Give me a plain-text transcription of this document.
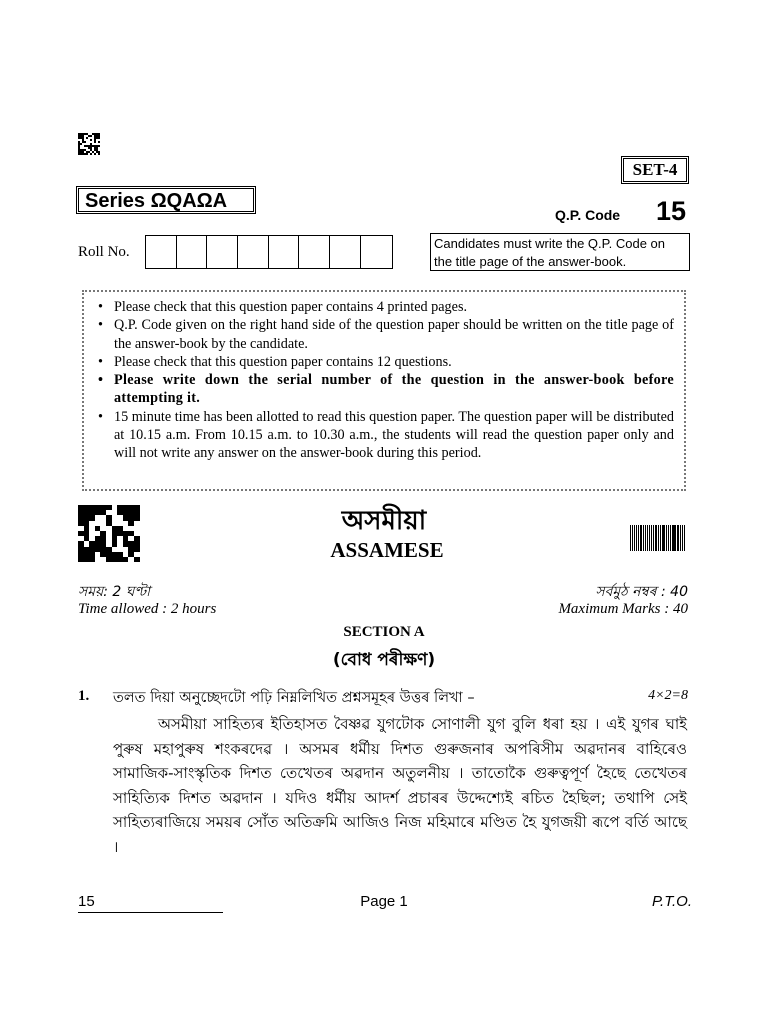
SET-4
Series ΩQAΩA
Q.P. Code 15
Roll No.
Candidates must write the Q.P. Code on the title page of the answer-book.
• Please check that this question paper contains 4 printed pages.
• Q.P. Code given on the right hand side of the question paper should be written on the title page of the answer-book by the candidate.
• Please check that this question paper contains 12 questions.
• Please write down the serial number of the question in the answer-book before attempting it.
• 15 minute time has been allotted to read this question paper. The question paper will be distributed at 10.15 a.m. From 10.15 a.m. to 10.30 a.m., the students will read the question paper only and will not write any answer on the answer-book during this period.
অসমীয়া
ASSAMESE
সময়: 2 ঘণ্টা
Time allowed : 2 hours
সৰ্বমুঠ নম্বৰ : 40
Maximum Marks : 40
SECTION A
(বোধ পৰীক্ষণ)
1. তলত দিয়া অনুচ্ছেদটো পঢ়ি নিম্নলিখিত প্ৰশ্নসমূহৰ উত্তৰ লিখা –	4×2=8
অসমীয়া সাহিত্যৰ ইতিহাসত বৈষ্ণৱ যুগটোক সোণালী যুগ বুলি ধৰা হয় । এই যুগৰ ঘাই পুৰুষ মহাপুৰুষ শংকৰদেৱ । অসমৰ ধৰ্মীয় দিশত গুৰুজনাৰ অপৰিসীম অৱদানৰ বাহিৰেও সামাজিক-সাংস্কৃতিক দিশত তেখেতৰ অৱদান অতুলনীয় । তাতোকৈ গুৰুত্বপূৰ্ণ হৈছে তেখেতৰ সাহিত্যিক দিশত অৱদান । যদিও ধৰ্মীয় আদৰ্শ প্ৰচাৰৰ উদ্দেশ্যেই ৰচিত হৈছিল; তথাপি সেই সাহিত্যৰাজিয়ে সময়ৰ সোঁত অতিক্ৰমি আজিও নিজ মহিমাৰে মণ্ডিত হৈ যুগজয়ী ৰূপে বৰ্তি আছে ।
15	Page 1	P.T.O.
